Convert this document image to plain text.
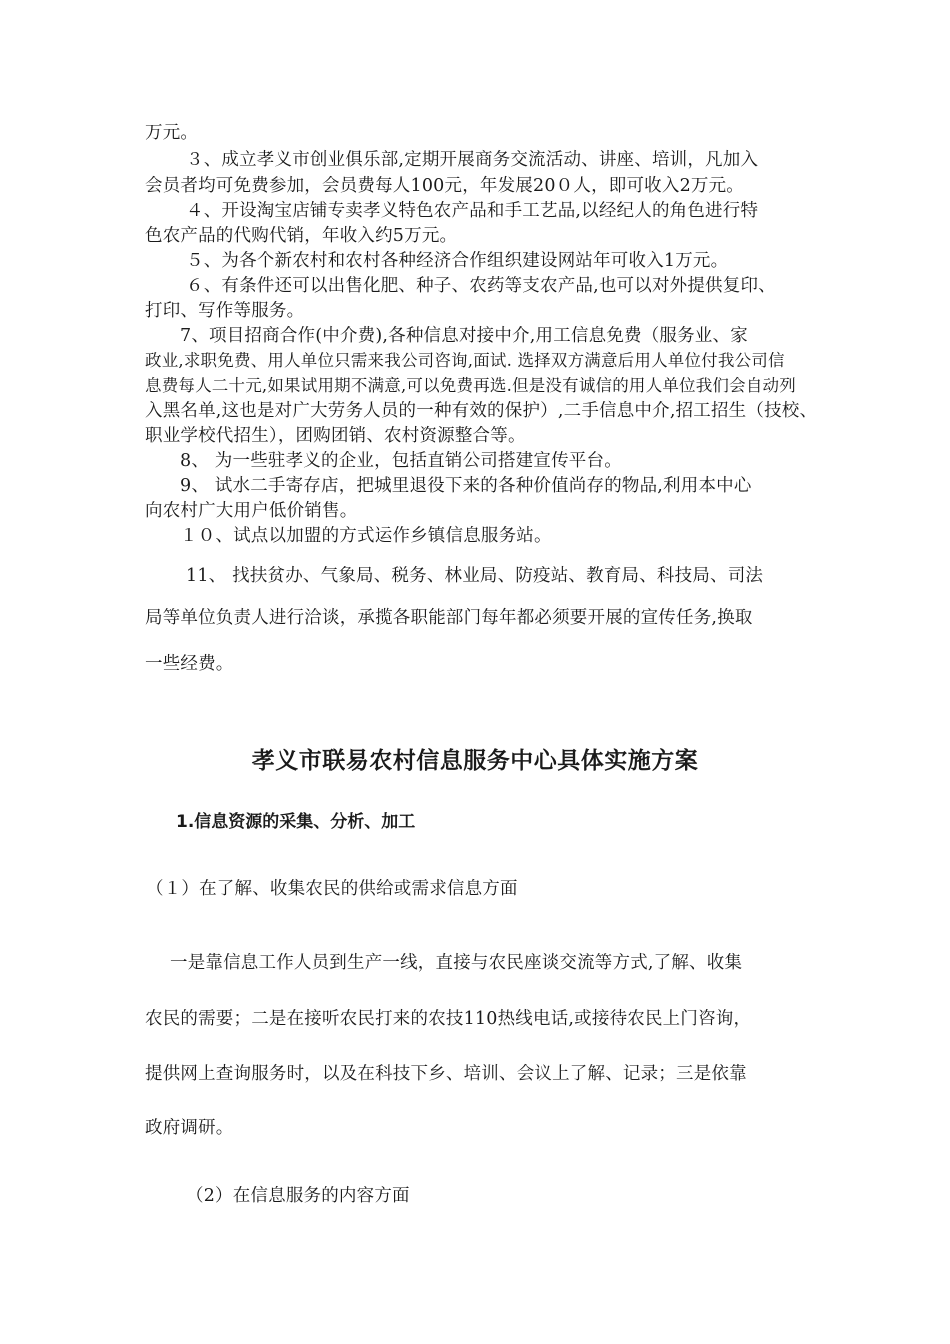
万元。
３、成立孝义市创业俱乐部,定期开展商务交流活动、讲座、培训，凡加入
会员者均可免费参加，会员费每人100元，年发展20０人，即可收入2万元。
４、开设淘宝店铺专卖孝义特色农产品和手工艺品,以经纪人的角色进行特
色农产品的代购代销，年收入约5万元。
５、为各个新农村和农村各种经济合作组织建设网站年可收入1万元。
６、有条件还可以出售化肥、种子、农药等支农产品,也可以对外提供复印、
打印、写作等服务。
7、项目招商合作(中介费),各种信息对接中介,用工信息免费（服务业、家
政业,求职免费、用人单位只需来我公司咨询,面试. 选择双方满意后用人单位付我公司信
息费每人二十元,如果试用期不满意,可以免费再选.但是没有诚信的用人单位我们会自动列
入黑名单,这也是对广大劳务人员的一种有效的保护）,二手信息中介,招工招生（技校、
职业学校代招生），团购团销、农村资源整合等。
8、 为一些驻孝义的企业，包括直销公司搭建宣传平台。
9、 试水二手寄存店，把城里退役下来的各种价值尚存的物品,利用本中心
向农村广大用户低价销售。
１０、试点以加盟的方式运作乡镇信息服务站。
11、 找扶贫办、气象局、税务、林业局、防疫站、教育局、科技局、司法
局等单位负责人进行洽谈，承揽各职能部门每年都必须要开展的宣传任务,换取
一些经费。
孝义市联易农村信息服务中心具体实施方案
1.信息资源的采集、分析、加工
（１）在了解、收集农民的供给或需求信息方面
一是靠信息工作人员到生产一线，直接与农民座谈交流等方式,了解、收集
农民的需要；二是在接听农民打来的农技110热线电话,或接待农民上门咨询，
提供网上查询服务时，以及在科技下乡、培训、会议上了解、记录；三是依靠
政府调研。
（2）在信息服务的内容方面
